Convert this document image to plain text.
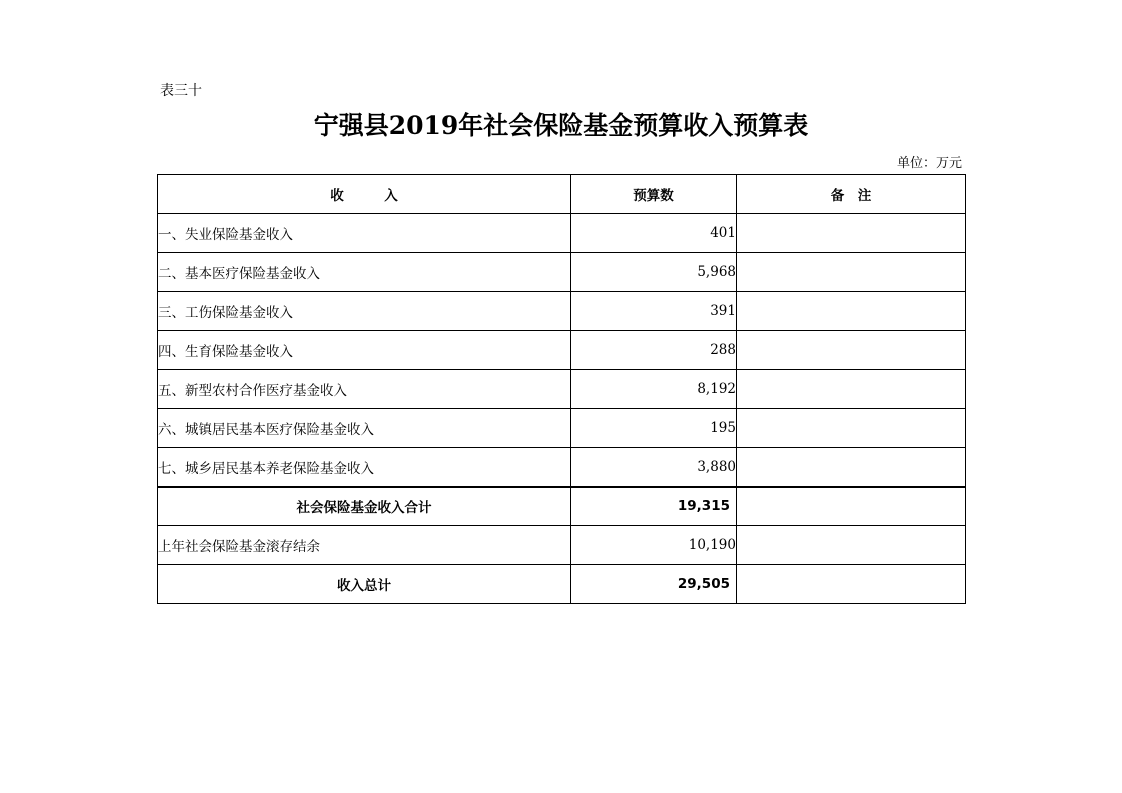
表三十
宁强县2019年社会保险基金预算收入预算表
单位：万元
收　　　入	预算数	备　注
一、失业保险基金收入	401	
二、基本医疗保险基金收入	5,968	
三、工伤保险基金收入	391	
四、生育保险基金收入	288	
五、新型农村合作医疗基金收入	8,192	
六、城镇居民基本医疗保险基金收入	195	
七、城乡居民基本养老保险基金收入	3,880	
社会保险基金收入合计	19,315	
上年社会保险基金滚存结余	10,190	
收入总计	29,505	
